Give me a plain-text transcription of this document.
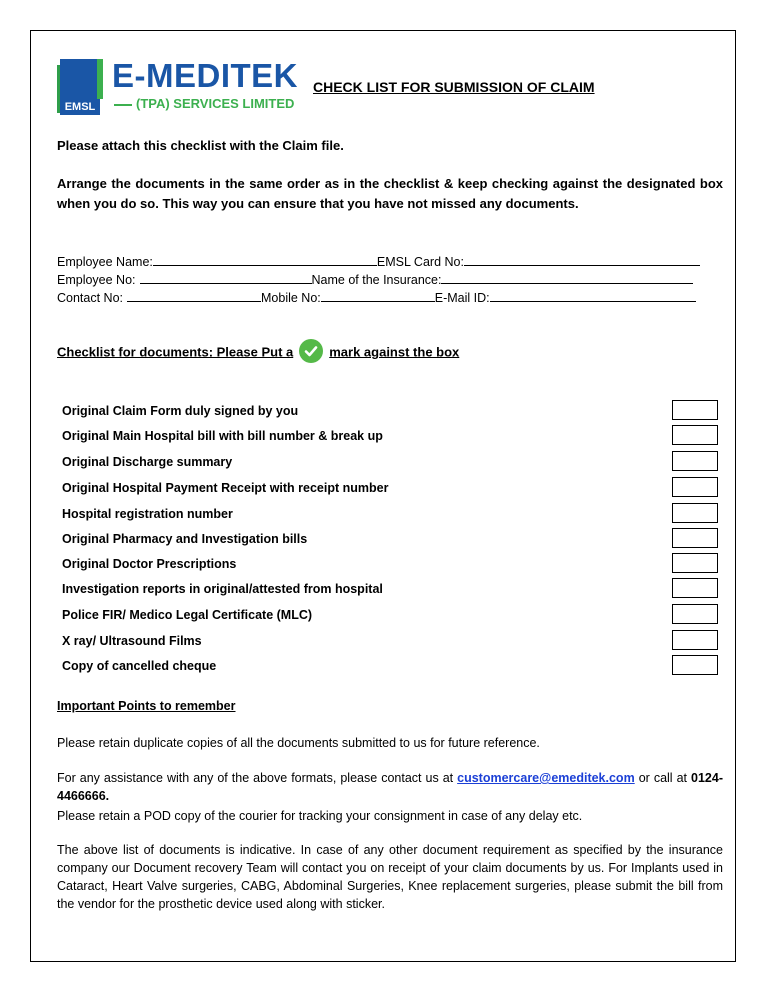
EMSL
E-MEDITEK
(TPA) SERVICES LIMITED
CHECK LIST FOR SUBMISSION OF CLAIM
Please attach this checklist with the Claim file.
Arrange the documents in the same order as in the checklist & keep checking against the designated box when you do so. This way you can ensure that you have not missed any documents.
Employee Name:	EMSL Card No:
Employee No:	Name of the Insurance:
Contact No:	Mobile No:	E-Mail ID:
Checklist for documents: Please Put a	mark against the box
Original Claim Form duly signed by you
Original Main Hospital bill with bill number & break up
Original Discharge summary
Original Hospital Payment Receipt with receipt number
Hospital registration number
Original Pharmacy and Investigation bills
Original Doctor Prescriptions
Investigation reports in original/attested from hospital
Police FIR/ Medico Legal Certificate (MLC)
X ray/ Ultrasound Films
Copy of cancelled cheque
Important Points to remember
Please retain duplicate copies of all the documents submitted to us for future reference.
For any assistance with any of the above formats, please contact us at customercare@emeditek.com or call at 0124-4466666.
Please retain a POD copy of the courier for tracking your consignment in case of any delay etc.
The above list of documents is indicative. In case of any other document requirement as specified by the insurance company our Document recovery Team will contact you on receipt of your claim documents by us. For Implants used in Cataract, Heart Valve surgeries, CABG, Abdominal Surgeries, Knee replacement surgeries, please submit the bill from the vendor for the prosthetic device used along with sticker.
